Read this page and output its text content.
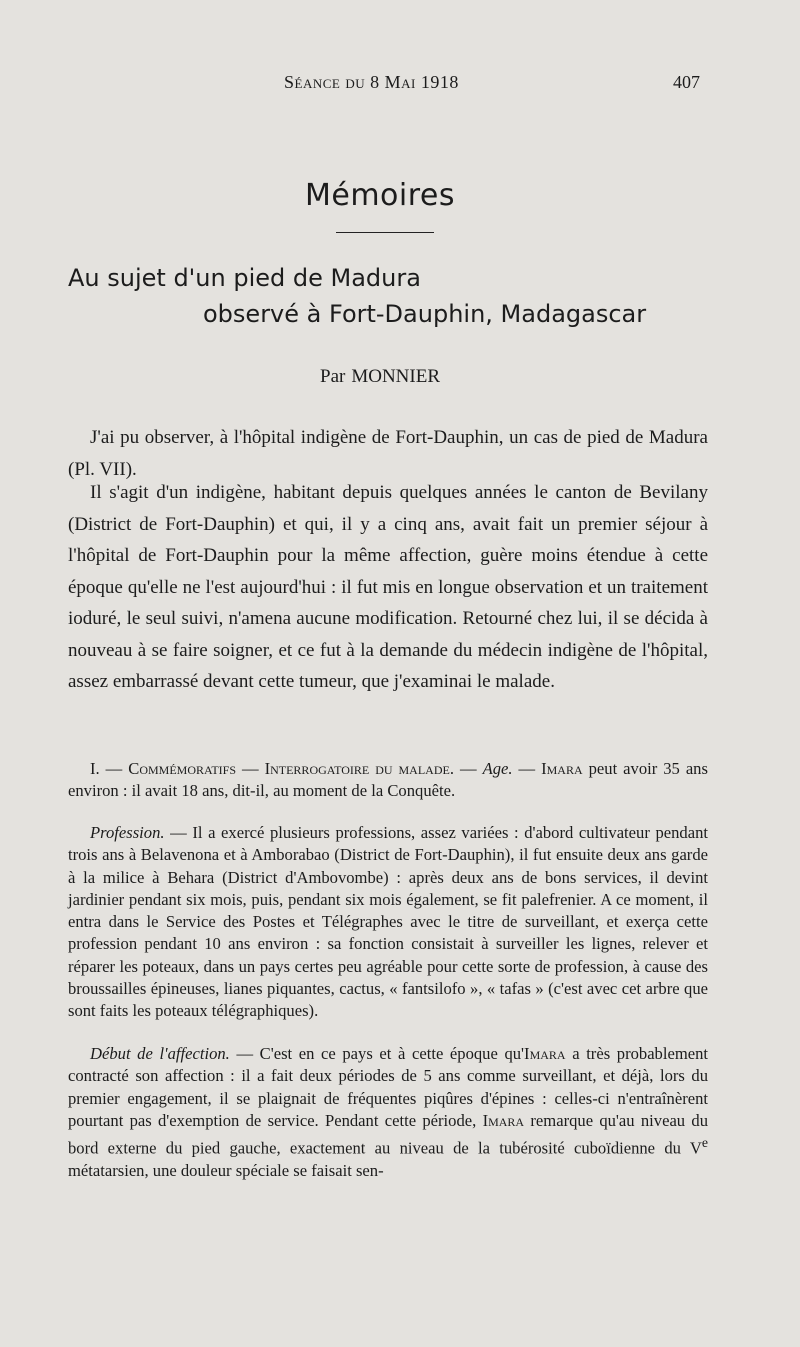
Séance du 8 Mai 1918	407
Mémoires
Au sujet d'un pied de Madura
observé à Fort-Dauphin, Madagascar
Par MONNIER

J'ai pu observer, à l'hôpital indigène de Fort-Dauphin, un cas de pied de Madura (Pl. VII).

Il s'agit d'un indigène, habitant depuis quelques années le canton de Bevilany (District de Fort-Dauphin) et qui, il y a cinq ans, avait fait un premier séjour à l'hôpital de Fort-Dauphin pour la même affection, guère moins étendue à cette époque qu'elle ne l'est aujourd'hui : il fut mis en longue observation et un traitement ioduré, le seul suivi, n'amena aucune modification. Retourné chez lui, il se décida à nouveau à se faire soigner, et ce fut à la demande du médecin indigène de l'hôpital, assez embarrassé devant cette tumeur, que j'examinai le malade.

I. — Commémoratifs — Interrogatoire du malade. — Age. — Imara peut avoir 35 ans environ : il avait 18 ans, dit-il, au moment de la Conquête.

Profession. — Il a exercé plusieurs professions, assez variées : d'abord cultivateur pendant trois ans à Belavenona et à Amborabao (District de Fort-Dauphin), il fut ensuite deux ans garde à la milice à Behara (District d'Ambovombe) : après deux ans de bons services, il devint jardinier pendant six mois, puis, pendant six mois également, se fit palefrenier. A ce moment, il entra dans le Service des Postes et Télégraphes avec le titre de surveillant, et exerça cette profession pendant 10 ans environ : sa fonction consistait à surveiller les lignes, relever et réparer les poteaux, dans un pays certes peu agréable pour cette sorte de profession, à cause des broussailles épineuses, lianes piquantes, cactus, « fantsilofo », « tafas » (c'est avec cet arbre que sont faits les poteaux télégraphiques).

Début de l'affection. — C'est en ce pays et à cette époque qu'Imara a très probablement contracté son affection : il a fait deux périodes de 5 ans comme surveillant, et déjà, lors du premier engagement, il se plaignait de fréquentes piqûres d'épines : celles-ci n'entraînèrent pourtant pas d'exemption de service. Pendant cette période, Imara remarque qu'au niveau du bord externe du pied gauche, exactement au niveau de la tubérosité cuboïdienne du Ve métatarsien, une douleur spéciale se faisait sen-
